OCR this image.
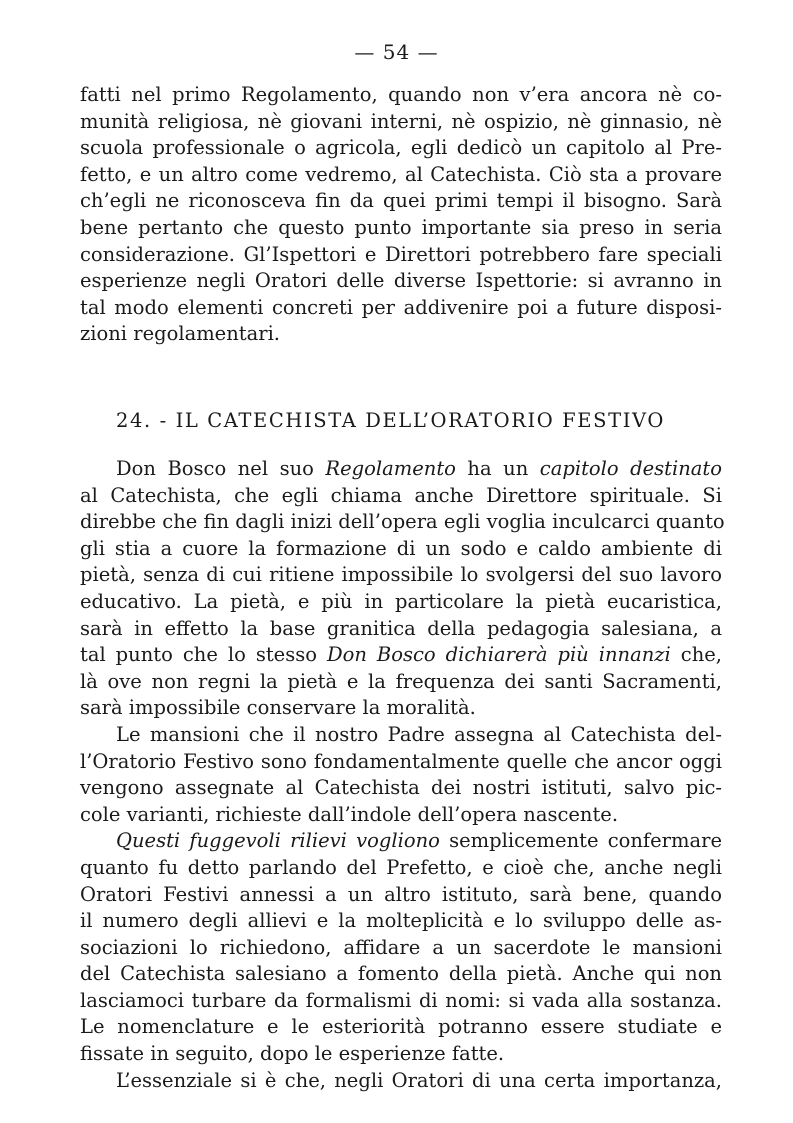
— 54 —
fatti nel primo Regolamento, quando non v’era ancora nè co-
munità religiosa, nè giovani interni, nè ospizio, nè ginnasio, nè
scuola professionale o agricola, egli dedicò un capitolo al Pre-
fetto, e un altro come vedremo, al Catechista. Ciò sta a provare
ch’egli ne riconosceva fin da quei primi tempi il bisogno. Sarà
bene pertanto che questo punto importante sia preso in seria
considerazione. Gl’Ispettori e Direttori potrebbero fare speciali
esperienze negli Oratori delle diverse Ispettorie: si avranno in
tal modo elementi concreti per addivenire poi a future disposi-
zioni regolamentari.
24. - IL CATECHISTA DELL’ORATORIO FESTIVO
Don Bosco nel suo Regolamento ha un capitolo destinato
al Catechista, che egli chiama anche Direttore spirituale. Si
direbbe che fin dagli inizi dell’opera egli voglia inculcarci quanto
gli stia a cuore la formazione di un sodo e caldo ambiente di
pietà, senza di cui ritiene impossibile lo svolgersi del suo lavoro
educativo. La pietà, e più in particolare la pietà eucaristica,
sarà in effetto la base granitica della pedagogia salesiana, a
tal punto che lo stesso Don Bosco dichiarerà più innanzi che,
là ove non regni la pietà e la frequenza dei santi Sacramenti,
sarà impossibile conservare la moralità.
Le mansioni che il nostro Padre assegna al Catechista del-
l’Oratorio Festivo sono fondamentalmente quelle che ancor oggi
vengono assegnate al Catechista dei nostri istituti, salvo pic-
cole varianti, richieste dall’indole dell’opera nascente.
Questi fuggevoli rilievi vogliono semplicemente confermare
quanto fu detto parlando del Prefetto, e cioè che, anche negli
Oratori Festivi annessi a un altro istituto, sarà bene, quando
il numero degli allievi e la molteplicità e lo sviluppo delle as-
sociazioni lo richiedono, affidare a un sacerdote le mansioni
del Catechista salesiano a fomento della pietà. Anche qui non
lasciamoci turbare da formalismi di nomi: si vada alla sostanza.
Le nomenclature e le esteriorità potranno essere studiate e
fissate in seguito, dopo le esperienze fatte.
L’essenziale si è che, negli Oratori di una certa importanza,
